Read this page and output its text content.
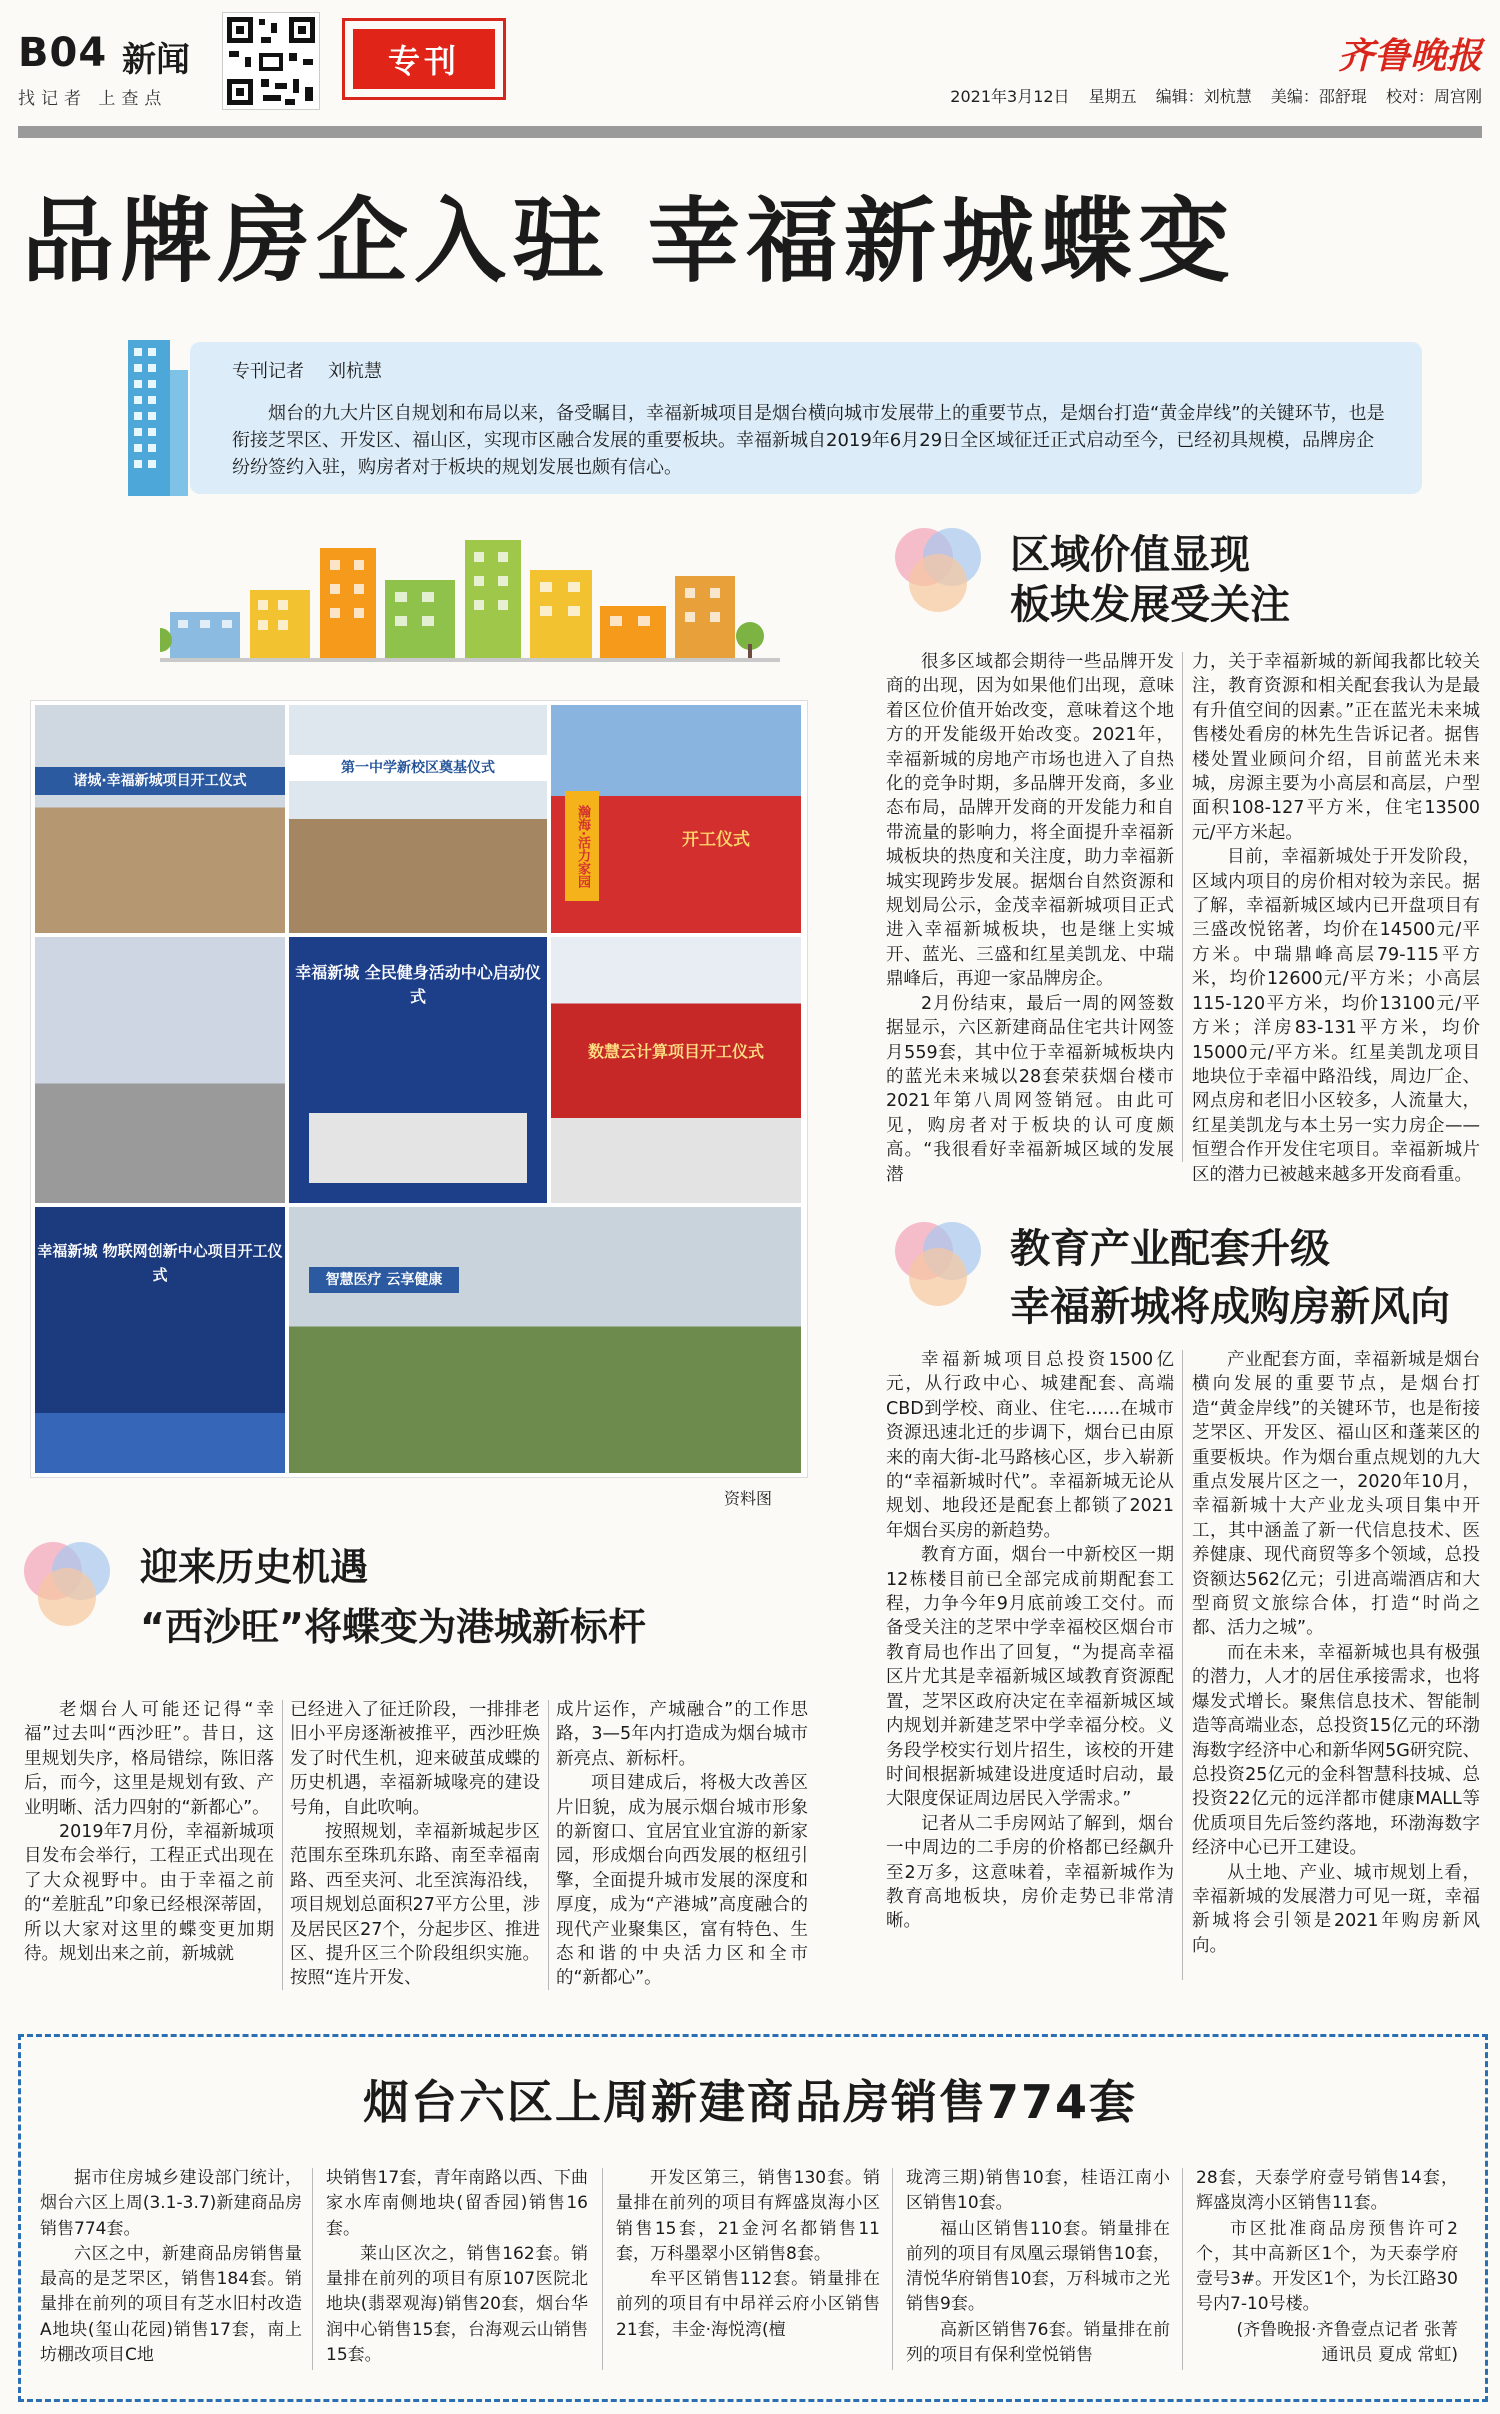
B04 新闻
找记者 上查点
专刊	齐鲁晚报
2021年3月12日 星期五 编辑：刘杭慧 美编：邵舒琨 校对：周宫刚
品牌房企入驻 幸福新城蝶变
专刊记者 刘杭慧
烟台的九大片区自规划和布局以来，备受瞩目，幸福新城项目是烟台横向城市发展带上的重要节点，是烟台打造“黄金岸线”的关键环节，也是衔接芝罘区、开发区、福山区，实现市区融合发展的重要板块。幸福新城自2019年6月29日全区域征迁正式启动至今，已经初具规模，品牌房企纷纷签约入驻，购房者对于板块的规划发展也颇有信心。
诸城·幸福新城项目开工仪式
第一中学新校区奠基仪式
瀚海·活力家园	开工仪式
幸福新城 全民健身活动中心启动仪式
数慧云计算项目开工仪式
幸福新城 物联网创新中心项目开工仪式	智慧医疗 云享健康
资料图
区域价值显现
板块发展受关注

很多区域都会期待一些品牌开发商的出现，因为如果他们出现，意味着区位价值开始改变，意味着这个地方的开发能级开始改变。2021年，幸福新城的房地产市场也进入了自热化的竞争时期，多品牌开发商，多业态布局，品牌开发商的开发能力和自带流量的影响力，将全面提升幸福新城板块的热度和关注度，助力幸福新城实现跨步发展。据烟台自然资源和规划局公示，金茂幸福新城项目正式进入幸福新城板块，也是继上实城开、蓝光、三盛和红星美凯龙、中瑞鼎峰后，再迎一家品牌房企。

2月份结束，最后一周的网签数据显示，六区新建商品住宅共计网签月559套，其中位于幸福新城板块内的蓝光未来城以28套荣获烟台楼市2021年第八周网签销冠。由此可见，购房者对于板块的认可度颇高。“我很看好幸福新城区域的发展潜

力，关于幸福新城的新闻我都比较关注，教育资源和相关配套我认为是最有升值空间的因素。”正在蓝光未来城售楼处看房的林先生告诉记者。据售楼处置业顾问介绍，目前蓝光未来城，房源主要为小高层和高层，户型面积108-127平方米，住宅13500元/平方米起。

目前，幸福新城处于开发阶段，区域内项目的房价相对较为亲民。据了解，幸福新城区域内已开盘项目有三盛改悦铭著，均价在14500元/平方米。中瑞鼎峰高层79-115平方米，均价12600元/平方米；小高层115-120平方米，均价13100元/平方米；洋房83-131平方米，均价15000元/平方米。红星美凯龙项目地块位于幸福中路沿线，周边厂企、网点房和老旧小区较多，人流量大，红星美凯龙与本土另一实力房企——恒塑合作开发住宅项目。幸福新城片区的潜力已被越来越多开发商看重。

教育产业配套升级
幸福新城将成购房新风向

幸福新城项目总投资1500亿元，从行政中心、城建配套、高端CBD到学校、商业、住宅……在城市资源迅速北迁的步调下，烟台已由原来的南大街-北马路核心区，步入崭新的“幸福新城时代”。幸福新城无论从规划、地段还是配套上都锁了2021年烟台买房的新趋势。

教育方面，烟台一中新校区一期12栋楼目前已全部完成前期配套工程，力争今年9月底前竣工交付。而备受关注的芝罘中学幸福校区烟台市教育局也作出了回复，“为提高幸福区片尤其是幸福新城区域教育资源配置，芝罘区政府决定在幸福新城区域内规划并新建芝罘中学幸福分校。义务段学校实行划片招生，该校的开建时间根据新城建设进度适时启动，最大限度保证周边居民入学需求。”

记者从二手房网站了解到，烟台一中周边的二手房的价格都已经飙升至2万多，这意味着，幸福新城作为教育高地板块，房价走势已非常清晰。

产业配套方面，幸福新城是烟台横向发展的重要节点，是烟台打造“黄金岸线”的关键环节，也是衔接芝罘区、开发区、福山区和蓬莱区的重要板块。作为烟台重点规划的九大重点发展片区之一，2020年10月，幸福新城十大产业龙头项目集中开工，其中涵盖了新一代信息技术、医养健康、现代商贸等多个领域，总投资额达562亿元；引进高端酒店和大型商贸文旅综合体，打造“时尚之都、活力之城”。

而在未来，幸福新城也具有极强的潜力，人才的居住承接需求，也将爆发式增长。聚焦信息技术、智能制造等高端业态，总投资15亿元的环渤海数字经济中心和新华网5G研究院、总投资25亿元的金科智慧科技城、总投资22亿元的远洋都市健康MALL等优质项目先后签约落地，环渤海数字经济中心已开工建设。

从土地、产业、城市规划上看，幸福新城的发展潜力可见一斑，幸福新城将会引领是2021年购房新风向。

迎来历史机遇
“西沙旺”将蝶变为港城新标杆

老烟台人可能还记得“幸福”过去叫“西沙旺”。昔日，这里规划失序，格局错综，陈旧落后，而今，这里是规划有致、产业明晰、活力四射的“新都心”。

2019年7月份，幸福新城项目发布会举行，工程正式出现在了大众视野中。由于幸福之前的“差脏乱”印象已经根深蒂固，所以大家对这里的蝶变更加期待。规划出来之前，新城就

已经进入了征迁阶段，一排排老旧小平房逐渐被推平，西沙旺焕发了时代生机，迎来破茧成蝶的历史机遇，幸福新城喙亮的建设号角，自此吹响。

按照规划，幸福新城起步区范围东至珠玑东路、南至幸福南路、西至夹河、北至滨海沿线，项目规划总面积27平方公里，涉及居民区27个，分起步区、推进区、提升区三个阶段组织实施。按照“连片开发、

成片运作，产城融合”的工作思路，3—5年内打造成为烟台城市新亮点、新标杆。

项目建成后，将极大改善区片旧貌，成为展示烟台城市形象的新窗口、宜居宜业宜游的新家园，形成烟台向西发展的枢纽引擎，全面提升城市发展的深度和厚度，成为“产港城”高度融合的现代产业聚集区，富有特色、生态和谐的中央活力区和全市的“新都心”。

烟台六区上周新建商品房销售774套

据市住房城乡建设部门统计，烟台六区上周(3.1-3.7)新建商品房销售774套。

六区之中，新建商品房销售量最高的是芝罘区，销售184套。销量排在前列的项目有芝水旧村改造A地块(玺山花园)销售17套，南上坊棚改项目C地

块销售17套，青年南路以西、下曲家水库南侧地块(留香园)销售16套。

莱山区次之，销售162套。销量排在前列的项目有原107医院北地块(翡翠观海)销售20套，烟台华润中心销售15套，台海观云山销售15套。

开发区第三，销售130套。销量排在前列的项目有辉盛岚海小区销售15套，21金河名都销售11套，万科墨翠小区销售8套。

牟平区销售112套。销量排在前列的项目有中昂祥云府小区销售21套，丰金·海悦湾(檀

珑湾三期)销售10套，桂语江南小区销售10套。

福山区销售110套。销量排在前列的项目有凤凰云璟销售10套，清悦华府销售10套，万科城市之光销售9套。

高新区销售76套。销量排在前列的项目有保利堂悦销售

28套，天泰学府壹号销售14套，辉盛岚湾小区销售11套。

市区批准商品房预售许可2个，其中高新区1个，为天泰学府壹号3#。开发区1个，为长江路30号内7-10号楼。

(齐鲁晚报·齐鲁壹点记者 张菁 通讯员 夏成 常虹)
